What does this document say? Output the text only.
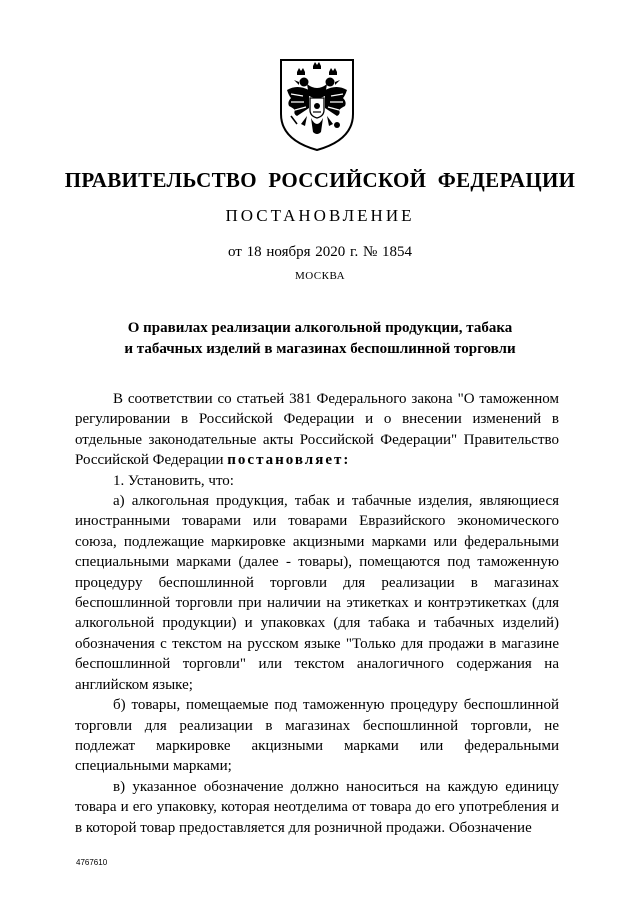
ПРАВИТЕЛЬСТВО РОССИЙСКОЙ ФЕДЕРАЦИИ
ПОСТАНОВЛЕНИЕ
от 18 ноября 2020 г. № 1854
МОСКВА
О правилах реализации алкогольной продукции, табака
и табачных изделий в магазинах беспошлинной торговли

В соответствии со статьей 381 Федерального закона "О таможенном регулировании в Российской Федерации и о внесении изменений в отдельные законодательные акты Российской Федерации" Правительство Российской Федерации постановляет:

1. Установить, что:

а) алкогольная продукция, табак и табачные изделия, являющиеся иностранными товарами или товарами Евразийского экономического союза, подлежащие маркировке акцизными марками или федеральными специальными марками (далее - товары), помещаются под таможенную процедуру беспошлинной торговли для реализации в магазинах беспошлинной торговли при наличии на этикетках и контрэтикетках (для алкогольной продукции) и упаковках (для табака и табачных изделий) обозначения с текстом на русском языке "Только для продажи в магазине беспошлинной торговли" или текстом аналогичного содержания на английском языке;

б) товары, помещаемые под таможенную процедуру беспошлинной торговли для реализации в магазинах беспошлинной торговли, не подлежат маркировке акцизными марками или федеральными специальными марками;

в) указанное обозначение должно наноситься на каждую единицу товара и его упаковку, которая неотделима от товара до его употребления и в которой товар предоставляется для розничной продажи. Обозначение

4767610
